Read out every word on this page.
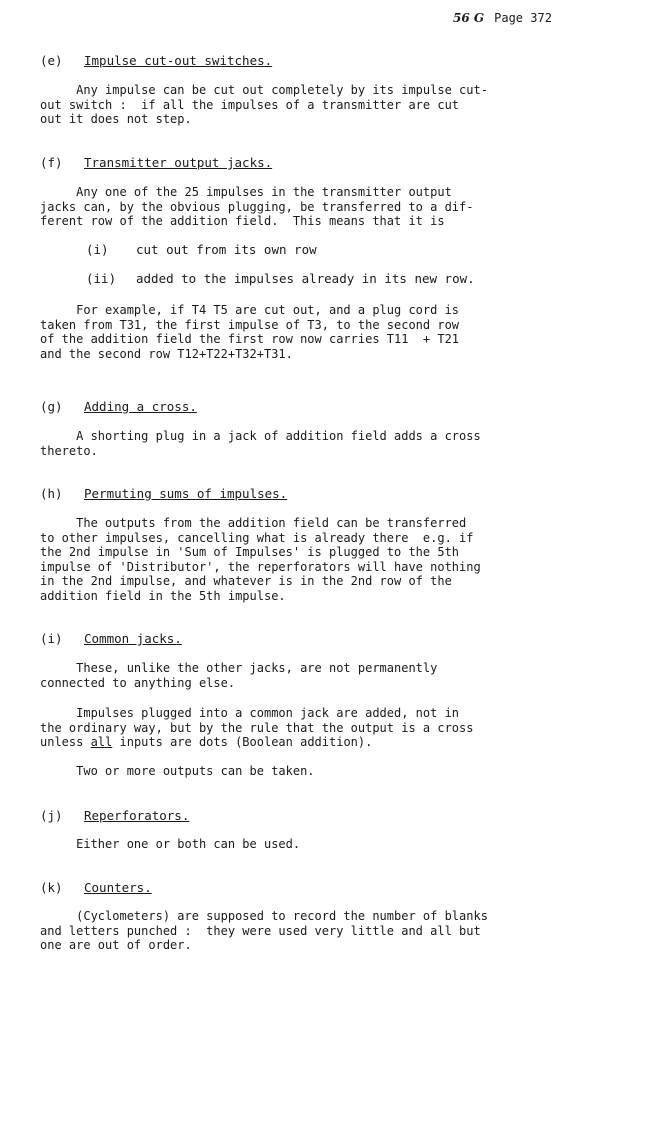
56 G Page 372
(e) Impulse cut-out switches.

Any impulse can be cut out completely by its impulse cut-
out switch :  if all the impulses of a transmitter are cut
out it does not step.

(f) Transmitter output jacks.

Any one of the 25 impulses in the transmitter output
jacks can, by the obvious plugging, be transferred to a dif-
ferent row of the addition field.  This means that it is

(i) cut out from its own row
(ii) added to the impulses already in its new row.

For example, if T4 T5 are cut out, and a plug cord is
taken from T31, the first impulse of T3, to the second row
of the addition field the first row now carries T11  + T21
and the second row T12+T22+T32+T31.

(g) Adding a cross.

A shorting plug in a jack of addition field adds a cross
thereto.

(h) Permuting sums of impulses.

The outputs from the addition field can be transferred
to other impulses, cancelling what is already there  e.g. if
the 2nd impulse in 'Sum of Impulses' is plugged to the 5th
impulse of 'Distributor', the reperforators will have nothing
in the 2nd impulse, and whatever is in the 2nd row of the
addition field in the 5th impulse.

(i) Common jacks.

These, unlike the other jacks, are not permanently
connected to anything else.

Impulses plugged into a common jack are added, not in
the ordinary way, but by the rule that the output is a cross

unless all inputs are dots (Boolean addition).

Two or more outputs can be taken.

(j) Reperforators.

Either one or both can be used.

(k) Counters.

(Cyclometers) are supposed to record the number of blanks
and letters punched :  they were used very little and all but
one are out of order.
